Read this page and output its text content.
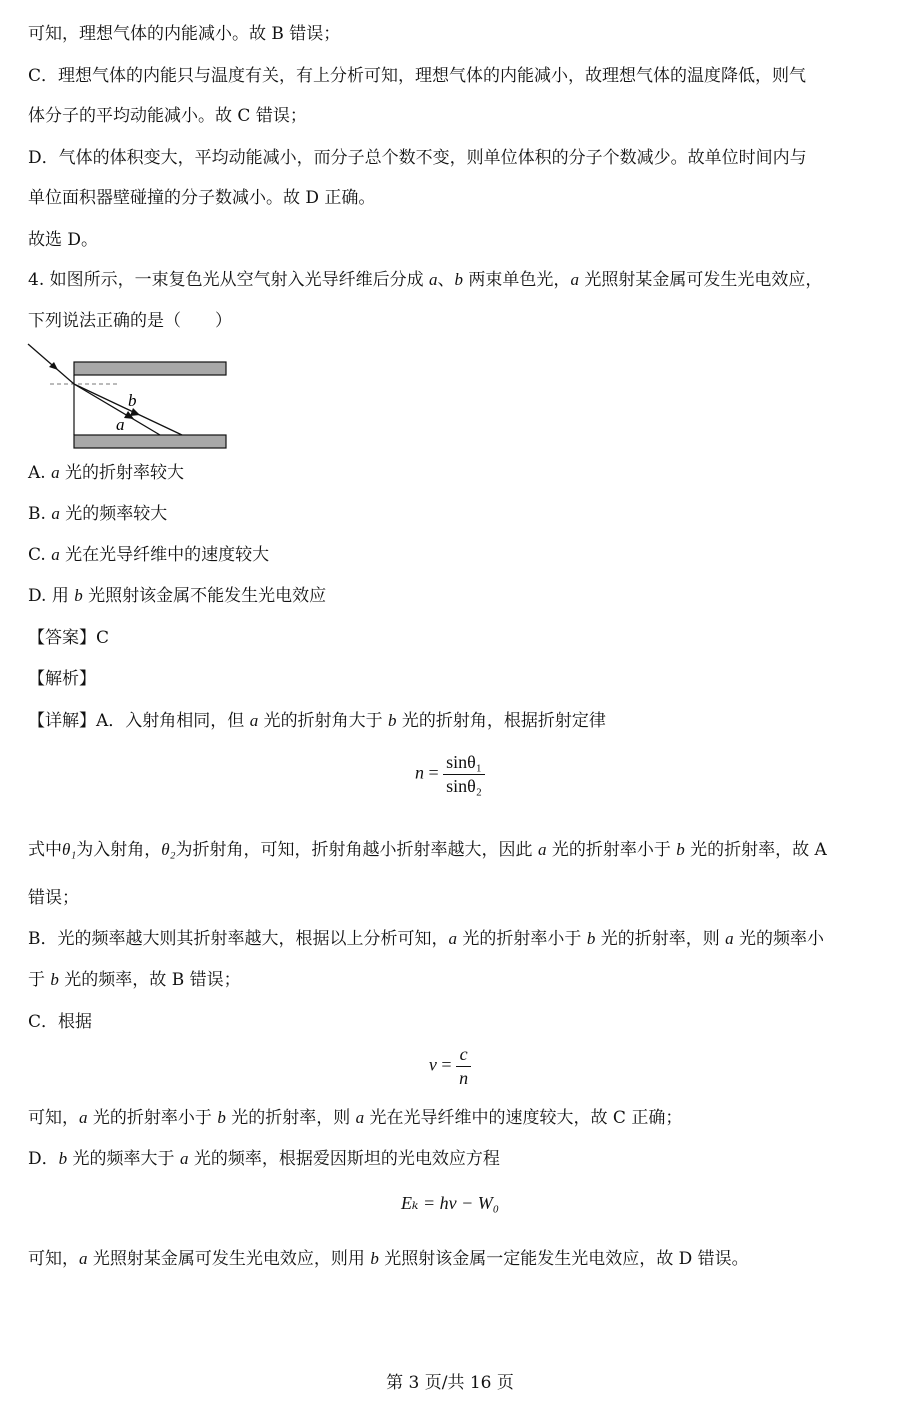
可知，理想气体的内能减小。故 B 错误；
C．理想气体的内能只与温度有关，有上分析可知，理想气体的内能减小，故理想气体的温度降低，则气
体分子的平均动能减小。故 C 错误；
D．气体的体积变大，平均动能减小，而分子总个数不变，则单位体积的分子个数减少。故单位时间内与
单位面积器壁碰撞的分子数减小。故 D 正确。
故选 D。
4. 如图所示，一束复色光从空气射入光导纤维后分成 a、b 两束单色光，a 光照射某金属可发生光电效应，
下列说法正确的是（　　）
b
a
A. a 光的折射率较大
B. a 光的频率较大
C. a 光在光导纤维中的速度较大
D. 用 b 光照射该金属不能发生光电效应
【答案】C
【解析】
【详解】A．入射角相同，但 a 光的折射角大于 b 光的折射角，根据折射定律
$n = \frac{\text{sinθ₁}}{\text{sinθ₂}}$
式中θ₁为入射角，θ₂为折射角，可知，折射角越小折射率越大，因此 a 光的折射率小于 b 光的折射率，故 A
错误；
B．光的频率越大则其折射率越大，根据以上分析可知，a 光的折射率小于 b 光的折射率，则 a 光的频率小
于 b 光的频率，故 B 错误；
C．根据
$v = \frac{c}{n}$
可知，a 光的折射率小于 b 光的折射率，则 a 光在光导纤维中的速度较大，故 C 正确；
D．b 光的频率大于 a 光的频率，根据爱因斯坦的光电效应方程
Eₖ = hν − W₀
可知，a 光照射某金属可发生光电效应，则用 b 光照射该金属一定能发生光电效应，故 D 错误。
第 3 页/共 16 页
